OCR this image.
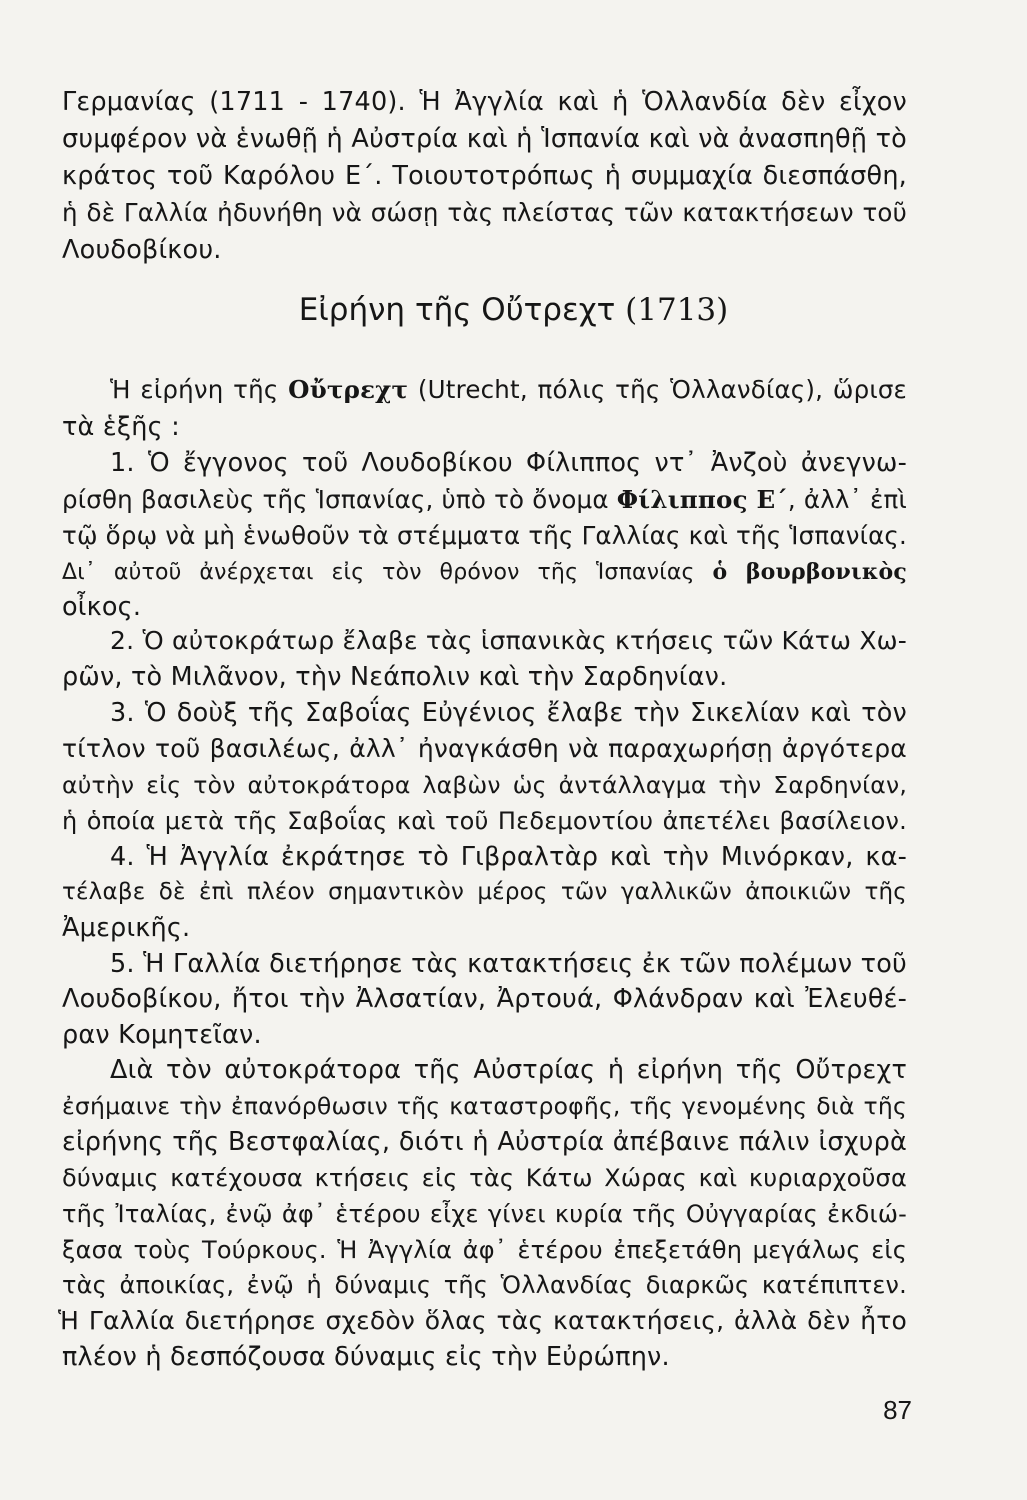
Γερμανίας (1711 - 1740). Ἡ Ἀγγλία καὶ ἡ Ὁλλανδία δὲν εἶχον
συμφέρον νὰ ἑνωθῇ ἡ Αὐστρία καὶ ἡ Ἱσπανία καὶ νὰ ἀνασπηθῇ τὸ
κράτος τοῦ Καρόλου Ε΄. Τοιουτοτρόπως ἡ συμμαχία διεσπάσθη,
ἡ δὲ Γαλλία ἠδυνήθη νὰ σώσῃ τὰς πλείστας τῶν κατακτήσεων τοῦ
Λουδοβίκου.
Εἰρήνη τῆς Οὔτρεχτ (1713)
Ἡ εἰρήνη τῆς Οὔτρεχτ (Utrecht, πόλις τῆς Ὁλλανδίας), ὥρισε
τὰ ἑξῆς :
1. Ὁ ἔγγονος τοῦ Λουδοβίκου Φίλιππος ντ᾽ Ἀνζοὺ ἀνεγνω-
ρίσθη βασιλεὺς τῆς Ἱσπανίας, ὑπὸ τὸ ὄνομα Φίλιππος Ε΄, ἀλλ᾽ ἐπὶ
τῷ ὅρῳ νὰ μὴ ἑνωθοῦν τὰ στέμματα τῆς Γαλλίας καὶ τῆς Ἱσπανίας.
Δι᾽ αὐτοῦ ἀνέρχεται εἰς τὸν θρόνον τῆς Ἱσπανίας ὁ βουρβονικὸς
οἶκος.
2. Ὁ αὐτοκράτωρ ἔλαβε τὰς ἱσπανικὰς κτήσεις τῶν Κάτω Χω-
ρῶν, τὸ Μιλᾶνον, τὴν Νεάπολιν καὶ τὴν Σαρδηνίαν.
3. Ὁ δοὺξ τῆς Σαβοΐας Εὐγένιος ἔλαβε τὴν Σικελίαν καὶ τὸν
τίτλον τοῦ βασιλέως, ἀλλ᾽ ἠναγκάσθη νὰ παραχωρήσῃ ἀργότερα
αὐτὴν εἰς τὸν αὐτοκράτορα λαβὼν ὡς ἀντάλλαγμα τὴν Σαρδηνίαν,
ἡ ὁποία μετὰ τῆς Σαβοΐας καὶ τοῦ Πεδεμοντίου ἀπετέλει βασίλειον.
4. Ἡ Ἀγγλία ἐκράτησε τὸ Γιβραλτὰρ καὶ τὴν Μινόρκαν, κα-
τέλαβε δὲ ἐπὶ πλέον σημαντικὸν μέρος τῶν γαλλικῶν ἀποικιῶν τῆς
Ἀμερικῆς.
5. Ἡ Γαλλία διετήρησε τὰς κατακτήσεις ἐκ τῶν πολέμων τοῦ
Λουδοβίκου, ἤτοι τὴν Ἀλσατίαν, Ἀρτουά, Φλάνδραν καὶ Ἐλευθέ-
ραν Κομητεῖαν.
Διὰ τὸν αὐτοκράτορα τῆς Αὐστρίας ἡ εἰρήνη τῆς Οὔτρεχτ
ἐσήμαινε τὴν ἐπανόρθωσιν τῆς καταστροφῆς, τῆς γενομένης διὰ τῆς
εἰρήνης τῆς Βεστφαλίας, διότι ἡ Αὐστρία ἀπέβαινε πάλιν ἰσχυρὰ
δύναμις κατέχουσα κτήσεις εἰς τὰς Κάτω Χώρας καὶ κυριαρχοῦσα
τῆς Ἰταλίας, ἐνῷ ἀφ᾽ ἑτέρου εἶχε γίνει κυρία τῆς Οὐγγαρίας ἐκδιώ-
ξασα τοὺς Τούρκους. Ἡ Ἀγγλία ἀφ᾽ ἑτέρου ἐπεξετάθη μεγάλως εἰς
τὰς ἀποικίας, ἐνῷ ἡ δύναμις τῆς Ὁλλανδίας διαρκῶς κατέπιπτεν.
Ἡ Γαλλία διετήρησε σχεδὸν ὅλας τὰς κατακτήσεις, ἀλλὰ δὲν ἦτο
πλέον ἡ δεσπόζουσα δύναμις εἰς τὴν Εὐρώπην.
87
